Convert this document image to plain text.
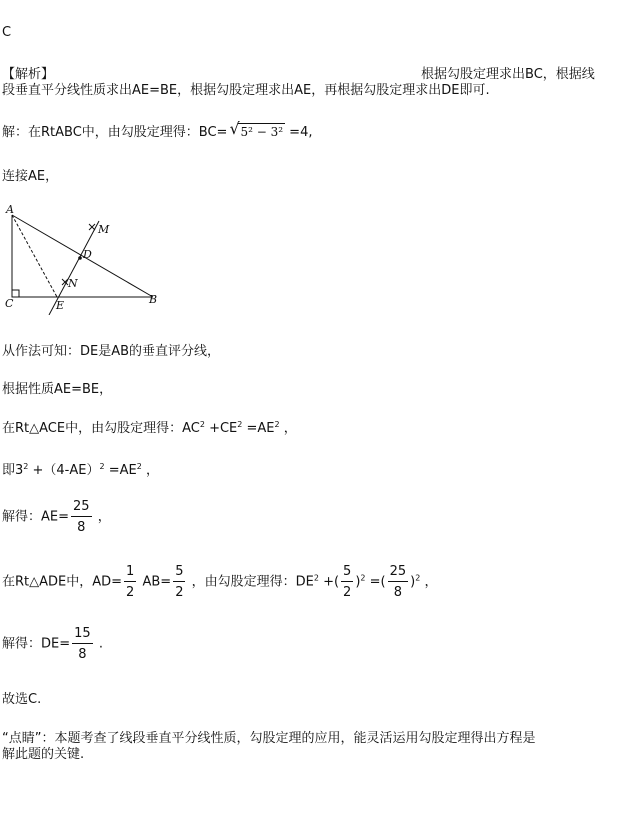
C
【解析】	根据勾股定理求出BC，根据线
段垂直平分线性质求出AE=BE，根据勾股定理求出AE，再根据勾股定理求出DE即可.
解：在RtABC中，由勾股定理得：BC= √ 5² − 3² =4,
连接AE，
A
C	B
D
E
M
N
从作法可知：DE是AB的垂直评分线，
根据性质AE=BE，
在Rt△ACE中，由勾股定理得：$AC^2 +CE^2 =AE^2$ ，
即$3^2 +(4-AE)^2 =AE^2$ ，
解得：$AE= \frac{25}{8}$ ，
在Rt△ADE中，$AD= \frac{1}{2} AB= \frac{5}{2}$ ，由勾股定理得：$DE^2$ +( $\frac{5}{2} )^2$ =( $\frac{25}{8} )^2$ ，
解得：$DE= \frac{15}{8}$ .
故选C.
“点睛”：本题考查了线段垂直平分线性质，勾股定理的应用，能灵活运用勾股定理得出方程是
解此题的关键.
